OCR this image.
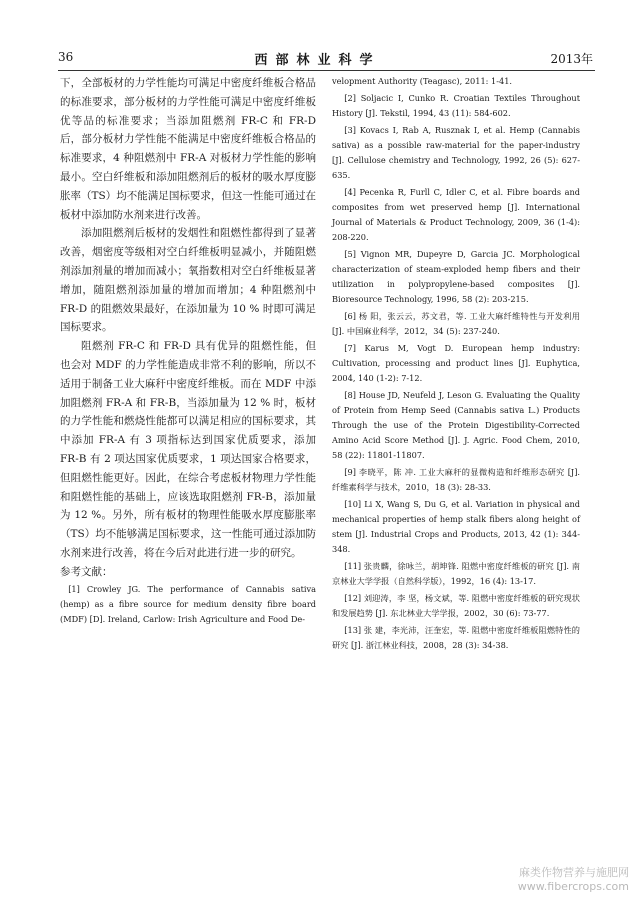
36	西部林业科学	2013年

下，全部板材的力学性能均可满足中密度纤维板合格品的标准要求，部分板材的力学性能可满足中密度纤维板优等品的标准要求；当添加阻燃剂 FR-C 和 FR-D 后，部分板材力学性能不能满足中密度纤维板合格品的标准要求，4 种阻燃剂中 FR-A 对板材力学性能的影响最小。空白纤维板和添加阻燃剂后的板材的吸水厚度膨胀率（TS）均不能满足国标要求，但这一性能可通过在板材中添加防水剂来进行改善。

添加阻燃剂后板材的发烟性和阻燃性都得到了显著改善，烟密度等级相对空白纤维板明显减小，并随阻燃剂添加剂量的增加而减小；氧指数相对空白纤维板显著增加，随阻燃剂添加量的增加而增加；4 种阻燃剂中 FR-D 的阻燃效果最好，在添加量为 10 % 时即可满足国标要求。

阻燃剂 FR-C 和 FR-D 具有优异的阻燃性能，但也会对 MDF 的力学性能造成非常不利的影响，所以不适用于制备工业大麻秆中密度纤维板。而在 MDF 中添加阻燃剂 FR-A 和 FR-B，当添加量为 12 % 时，板材的力学性能和燃烧性能都可以满足相应的国标要求，其中添加 FR-A 有 3 项指标达到国家优质要求，添加 FR-B 有 2 项达国家优质要求，1 项达国家合格要求，但阻燃性能更好。因此，在综合考虑板材物理力学性能和阻燃性能的基础上，应该选取阻燃剂 FR-B，添加量为 12 %。另外，所有板材的物理性能吸水厚度膨胀率（TS）均不能够满足国标要求，这一性能可通过添加防水剂来进行改善，将在今后对此进行进一步的研究。

参考文献：

[1] Crowley JG. The performance of Cannabis sativa (hemp) as a fibre source for medium density fibre board (MDF) [D]. Ireland, Carlow: Irish Agriculture and Food De-

velopment Authority (Teagasc), 2011: 1-41.

[2] Soljacic I, Cunko R. Croatian Textiles Throughout History [J]. Tekstil, 1994, 43 (11): 584-602.

[3] Kovacs I, Rab A, Rusznak I, et al. Hemp (Cannabis sativa) as a possible raw-material for the paper-industry [J]. Cellulose chemistry and Technology, 1992, 26 (5): 627-635.

[4] Pecenka R, Furll C, Idler C, et al. Fibre boards and composites from wet preserved hemp [J]. International Journal of Materials & Product Technology, 2009, 36 (1-4): 208-220.

[5] Vignon MR, Dupeyre D, Garcia JC. Morphological characterization of steam-exploded hemp fibers and their utilization in polypropylene-based composites [J]. Bioresource Technology, 1996, 58 (2): 203-215.

[6] 杨 阳，张云云，苏文君，等. 工业大麻纤维特性与开发利用 [J]. 中国麻业科学，2012，34 (5): 237-240.

[7] Karus M, Vogt D. European hemp industry: Cultivation, processing and product lines [J]. Euphytica, 2004, 140 (1-2): 7-12.

[8] House JD, Neufeld J, Leson G. Evaluating the Quality of Protein from Hemp Seed (Cannabis sativa L.) Products Through the use of the Protein Digestibility-Corrected Amino Acid Score Method [J]. J. Agric. Food Chem, 2010, 58 (22): 11801-11807.

[9] 李晓平，陈 冲. 工业大麻秆的显微构造和纤维形态研究 [J]. 纤维素科学与技术，2010，18 (3): 28-33.

[10] Li X, Wang S, Du G, et al. Variation in physical and mechanical properties of hemp stalk fibers along height of stem [J]. Industrial Crops and Products, 2013, 42 (1): 344-348.

[11] 张贵麟，徐咏兰，胡坤锋. 阻燃中密度纤维板的研究 [J]. 南京林业大学学报（自然科学版），1992，16 (4): 13-17.

[12] 刘迎涛，李 坚，杨文斌，等. 阻燃中密度纤维板的研究现状和发展趋势 [J]. 东北林业大学学报，2002，30 (6): 73-77.

[13] 张 建，李光沛，汪奎宏，等. 阻燃中密度纤维板阻燃特性的研究 [J]. 浙江林业科技，2008，28 (3): 34-38.

麻类作物营养与施肥网
www.fibercrops.com
